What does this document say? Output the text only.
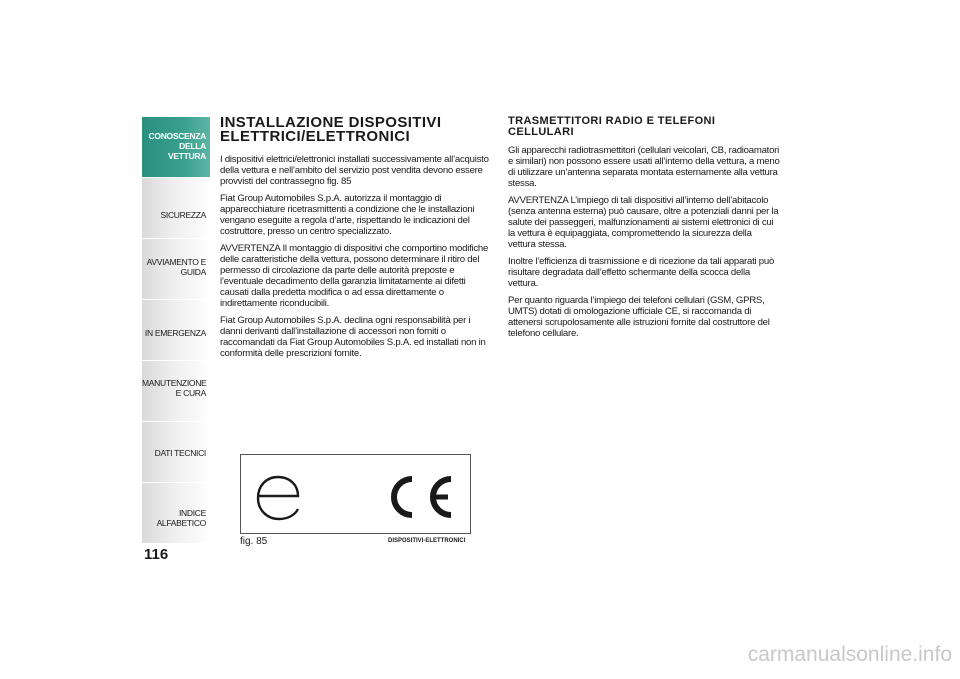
CONOSCENZA DELLA VETTURA
SICUREZZA
AVVIAMENTO E GUIDA
IN EMERGENZA
MANUTENZIONE E CURA
DATI TECNICI
INDICE ALFABETICO
116
INSTALLAZIONE DISPOSITIVI ELETTRICI/ELETTRONICI

I dispositivi elettrici/elettronici installati successivamente all’acquisto della vettura e nell’ambito del servizio post vendita devono essere provvisti del contrassegno fig. 85

Fiat Group Automobiles S.p.A. autorizza il montaggio di apparecchiature ricetrasmittenti a condizione che le installazioni vengano eseguite a regola d’arte, rispettando le indicazioni del costruttore, presso un centro specializzato.

AVVERTENZA Il montaggio di dispositivi che comportino modifiche delle caratteristiche della vettura, possono determinare il ritiro del permesso di circolazione da parte delle autorità preposte e l’eventuale decadimento della garanzia limitatamente ai difetti causati dalla predetta modifica o ad essa direttamente o indirettamente riconducibili.

Fiat Group Automobiles S.p.A. declina ogni responsabilità per i danni derivanti dall’installazione di accessori non forniti o raccomandati da Fiat Group Automobiles S.p.A. ed installati non in conformità delle prescrizioni fornite.

TRASMETTITORI RADIO E TELEFONI CELLULARI

Gli apparecchi radiotrasmettitori (cellulari veicolari, CB, radioamatori e similari) non possono essere usati all’interno della vettura, a meno di utilizzare un’antenna separata montata esternamente alla vettura stessa.

AVVERTENZA L’impiego di tali dispositivi all’interno dell’abitacolo (senza antenna esterna) può causare, oltre a potenziali danni per la salute dei passeggeri, malfunzionamenti ai sistemi elettronici di cui la vettura è equipaggiata, compromettendo la sicurezza della vettura stessa.

Inoltre l’efficienza di trasmissione e di ricezione da tali apparati può risultare degradata dall’effetto schermante della scocca della vettura.

Per quanto riguarda l’impiego dei telefoni cellulari (GSM, GPRS, UMTS) dotati di omologazione ufficiale CE, si raccomanda di attenersi scrupolosamente alle istruzioni fornite dal costruttore del telefono cellulare.

fig. 85	DISPOSITIVI-ELETTRONICI
carmanualsonline.info
